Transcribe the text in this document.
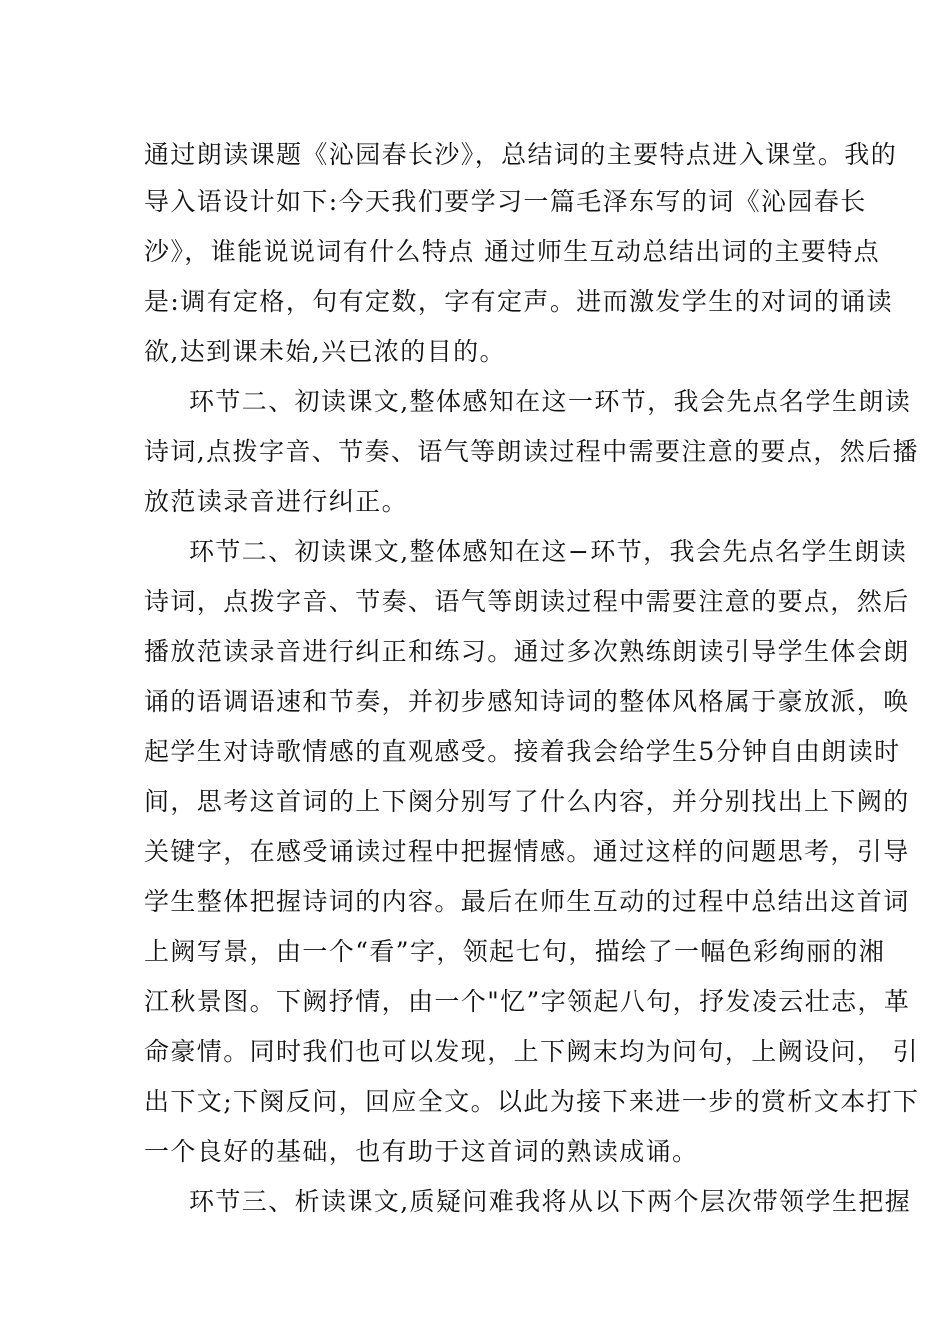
通过朗读课题《沁园春长沙》，总结词的主要特点进入课堂。我的
导入语设计如下:今天我们要学习一篇毛泽东写的词《沁园春长
沙》，谁能说说词有什么特点 通过师生互动总结出词的主要特点
是:调有定格，句有定数，字有定声。进而激发学生的对词的诵读
欲,达到课未始,兴已浓的目的。
环节二、初读课文,整体感知在这一环节，我会先点名学生朗读
诗词,点拨字音、节奏、语气等朗读过程中需要注意的要点，然后播
放范读录音进行纠正。
环节二、初读课文,整体感知在这−环节，我会先点名学生朗读
诗词，点拨字音、节奏、语气等朗读过程中需要注意的要点，然后
播放范读录音进行纠正和练习。通过多次熟练朗读引导学生体会朗
诵的语调语速和节奏，并初步感知诗词的整体风格属于豪放派，唤
起学生对诗歌情感的直观感受。接着我会给学生5分钟自由朗读时
间，思考这首词的上下阕分别写了什么内容，并分别找出上下阙的
关键字，在感受诵读过程中把握情感。通过这样的问题思考，引导
学生整体把握诗词的内容。最后在师生互动的过程中总结出这首词
上阙写景，由一个“看”字，领起七句，描绘了一幅色彩绚丽的湘
江秋景图。下阙抒情，由一个"忆”字领起八句，抒发凌云壮志，革
命豪情。同时我们也可以发现，上下阙末均为问句，上阙设问， 引
出下文;下阕反问，回应全文。以此为接下来进一步的赏析文本打下
一个良好的基础，也有助于这首词的熟读成诵。
环节三、析读课文,质疑问难我将从以下两个层次带领学生把握
